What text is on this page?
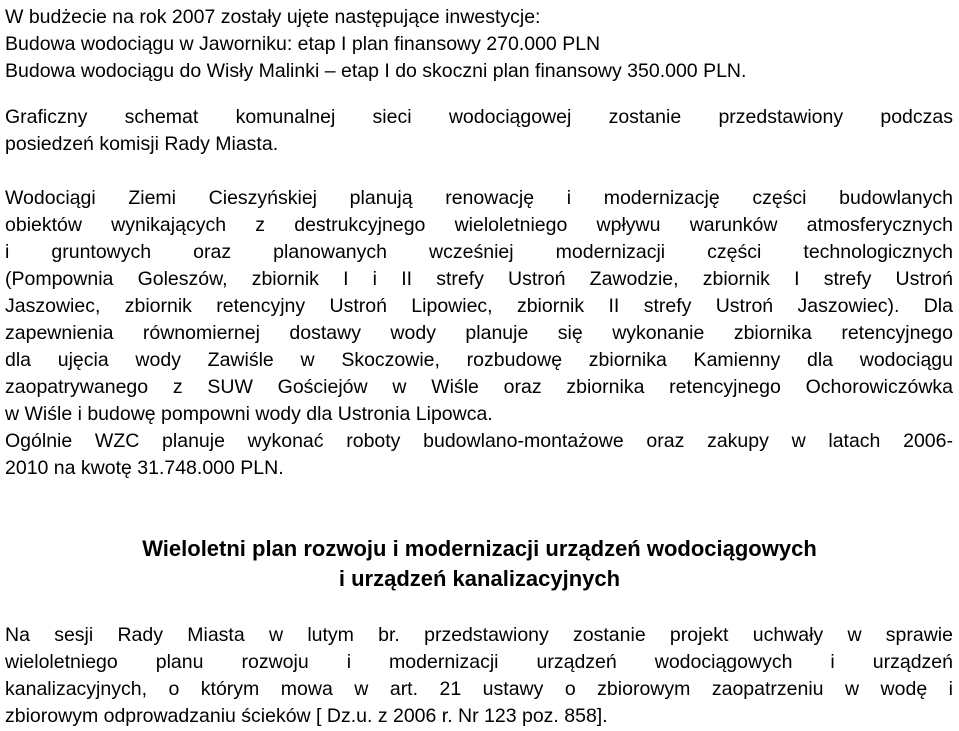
W budżecie na rok 2007 zostały ujęte następujące inwestycje:
Budowa wodociągu w Jaworniku: etap I plan finansowy 270.000 PLN
Budowa wodociągu do Wisły Malinki – etap I do skoczni plan finansowy 350.000 PLN.
Graficzny schemat komunalnej sieci wodociągowej zostanie przedstawiony podczas
posiedzeń komisji Rady Miasta.
Wodociągi Ziemi Cieszyńskiej planują renowację i modernizację części budowlanych
obiektów wynikających z destrukcyjnego wieloletniego wpływu warunków atmosferycznych
i gruntowych oraz planowanych wcześniej modernizacji części technologicznych
(Pompownia Goleszów, zbiornik I i II strefy Ustroń Zawodzie, zbiornik I strefy Ustroń
Jaszowiec, zbiornik retencyjny Ustroń Lipowiec, zbiornik II strefy Ustroń Jaszowiec). Dla
zapewnienia równomiernej dostawy wody planuje się wykonanie zbiornika retencyjnego
dla ujęcia wody Zawiśle w Skoczowie, rozbudowę zbiornika Kamienny dla wodociągu
zaopatrywanego z SUW Gościejów w Wiśle oraz zbiornika retencyjnego Ochorowiczówka
w Wiśle i budowę pompowni wody dla Ustronia Lipowca.
Ogólnie WZC planuje wykonać roboty budowlano-montażowe oraz zakupy w latach 2006-
2010 na kwotę 31.748.000 PLN.
Wieloletni plan rozwoju i modernizacji urządzeń wodociągowych
i urządzeń kanalizacyjnych
Na sesji Rady Miasta w lutym br. przedstawiony zostanie projekt uchwały w sprawie
wieloletniego planu rozwoju i modernizacji urządzeń wodociągowych i urządzeń
kanalizacyjnych, o którym mowa w art. 21 ustawy o zbiorowym zaopatrzeniu w wodę i
zbiorowym odprowadzaniu ścieków [ Dz.u. z 2006 r. Nr 123 poz. 858].
